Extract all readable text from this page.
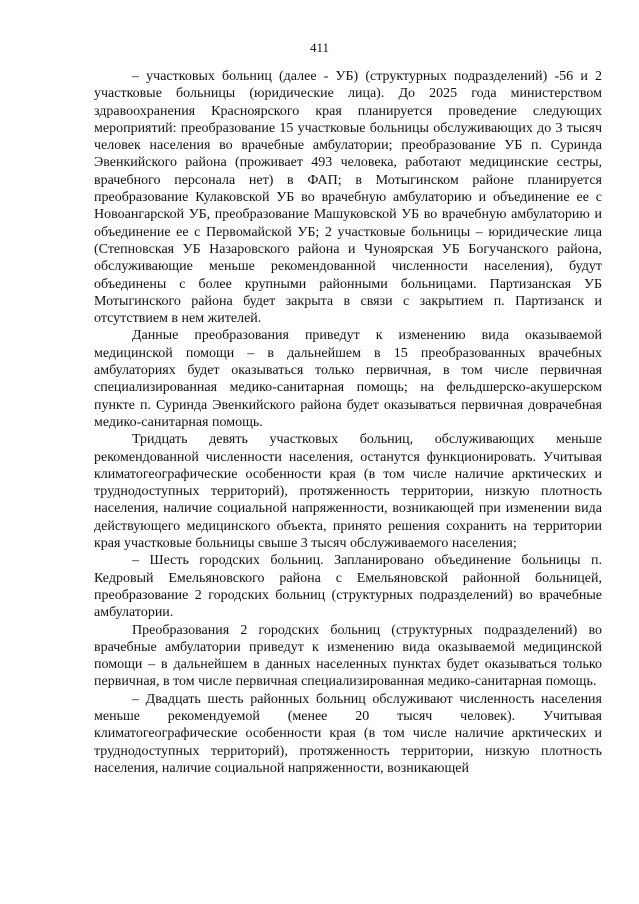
411

– участковых больниц (далее - УБ) (структурных подразделений) -56 и 2 участковые больницы (юридические лица). До 2025 года министерством здравоохранения Красноярского края планируется проведение следующих мероприятий: преобразование 15 участковые больницы обслуживающих до 3 тысяч человек населения во врачебные амбулатории; преобразование УБ п. Суринда Эвенкийского района (проживает 493 человека, работают медицинские сестры, врачебного персонала нет) в ФАП; в Мотыгинском районе планируется преобразование Кулаковской УБ во врачебную амбулаторию и объединение ее с Новоангарской УБ, преобразование Машуковской УБ во врачебную амбулаторию и объединение ее с Первомайской УБ; 2 участковые больницы – юридические лица (Степновская УБ Назаровского района и Чуноярская УБ Богучанского района, обслуживающие меньше рекомендованной численности населения), будут объединены с более крупными районными больницами. Партизанская УБ Мотыгинского района будет закрыта в связи с закрытием п. Партизанск и отсутствием в нем жителей.

Данные преобразования приведут к изменению вида оказываемой медицинской помощи – в дальнейшем в 15 преобразованных врачебных амбулаториях будет оказываться только первичная, в том числе первичная специализированная медико-санитарная помощь; на фельдшерско-акушерском пункте п. Суринда Эвенкийского района будет оказываться первичная доврачебная медико-санитарная помощь.

Тридцать девять участковых больниц, обслуживающих меньше рекомендованной численности населения, останутся функционировать. Учитывая климатогеографические особенности края (в том числе наличие арктических и труднодоступных территорий), протяженность территории, низкую плотность населения, наличие социальной напряженности, возникающей при изменении вида действующего медицинского объекта, принято решения сохранить на территории края участковые больницы свыше 3 тысяч обслуживаемого населения;

– Шесть городских больниц. Запланировано объединение больницы п. Кедровый Емельяновского района с Емельяновской районной больницей, преобразование 2 городских больниц (структурных подразделений) во врачебные амбулатории.

Преобразования 2 городских больниц (структурных подразделений) во врачебные амбулатории приведут к изменению вида оказываемой медицинской помощи – в дальнейшем в данных населенных пунктах будет оказываться только первичная, в том числе первичная специализированная медико-санитарная помощь.

– Двадцать шесть районных больниц обслуживают численность населения меньше рекомендуемой (менее 20 тысяч человек). Учитывая климатогеографические особенности края (в том числе наличие арктических и труднодоступных территорий), протяженность территории, низкую плотность населения, наличие социальной напряженности, возникающей
